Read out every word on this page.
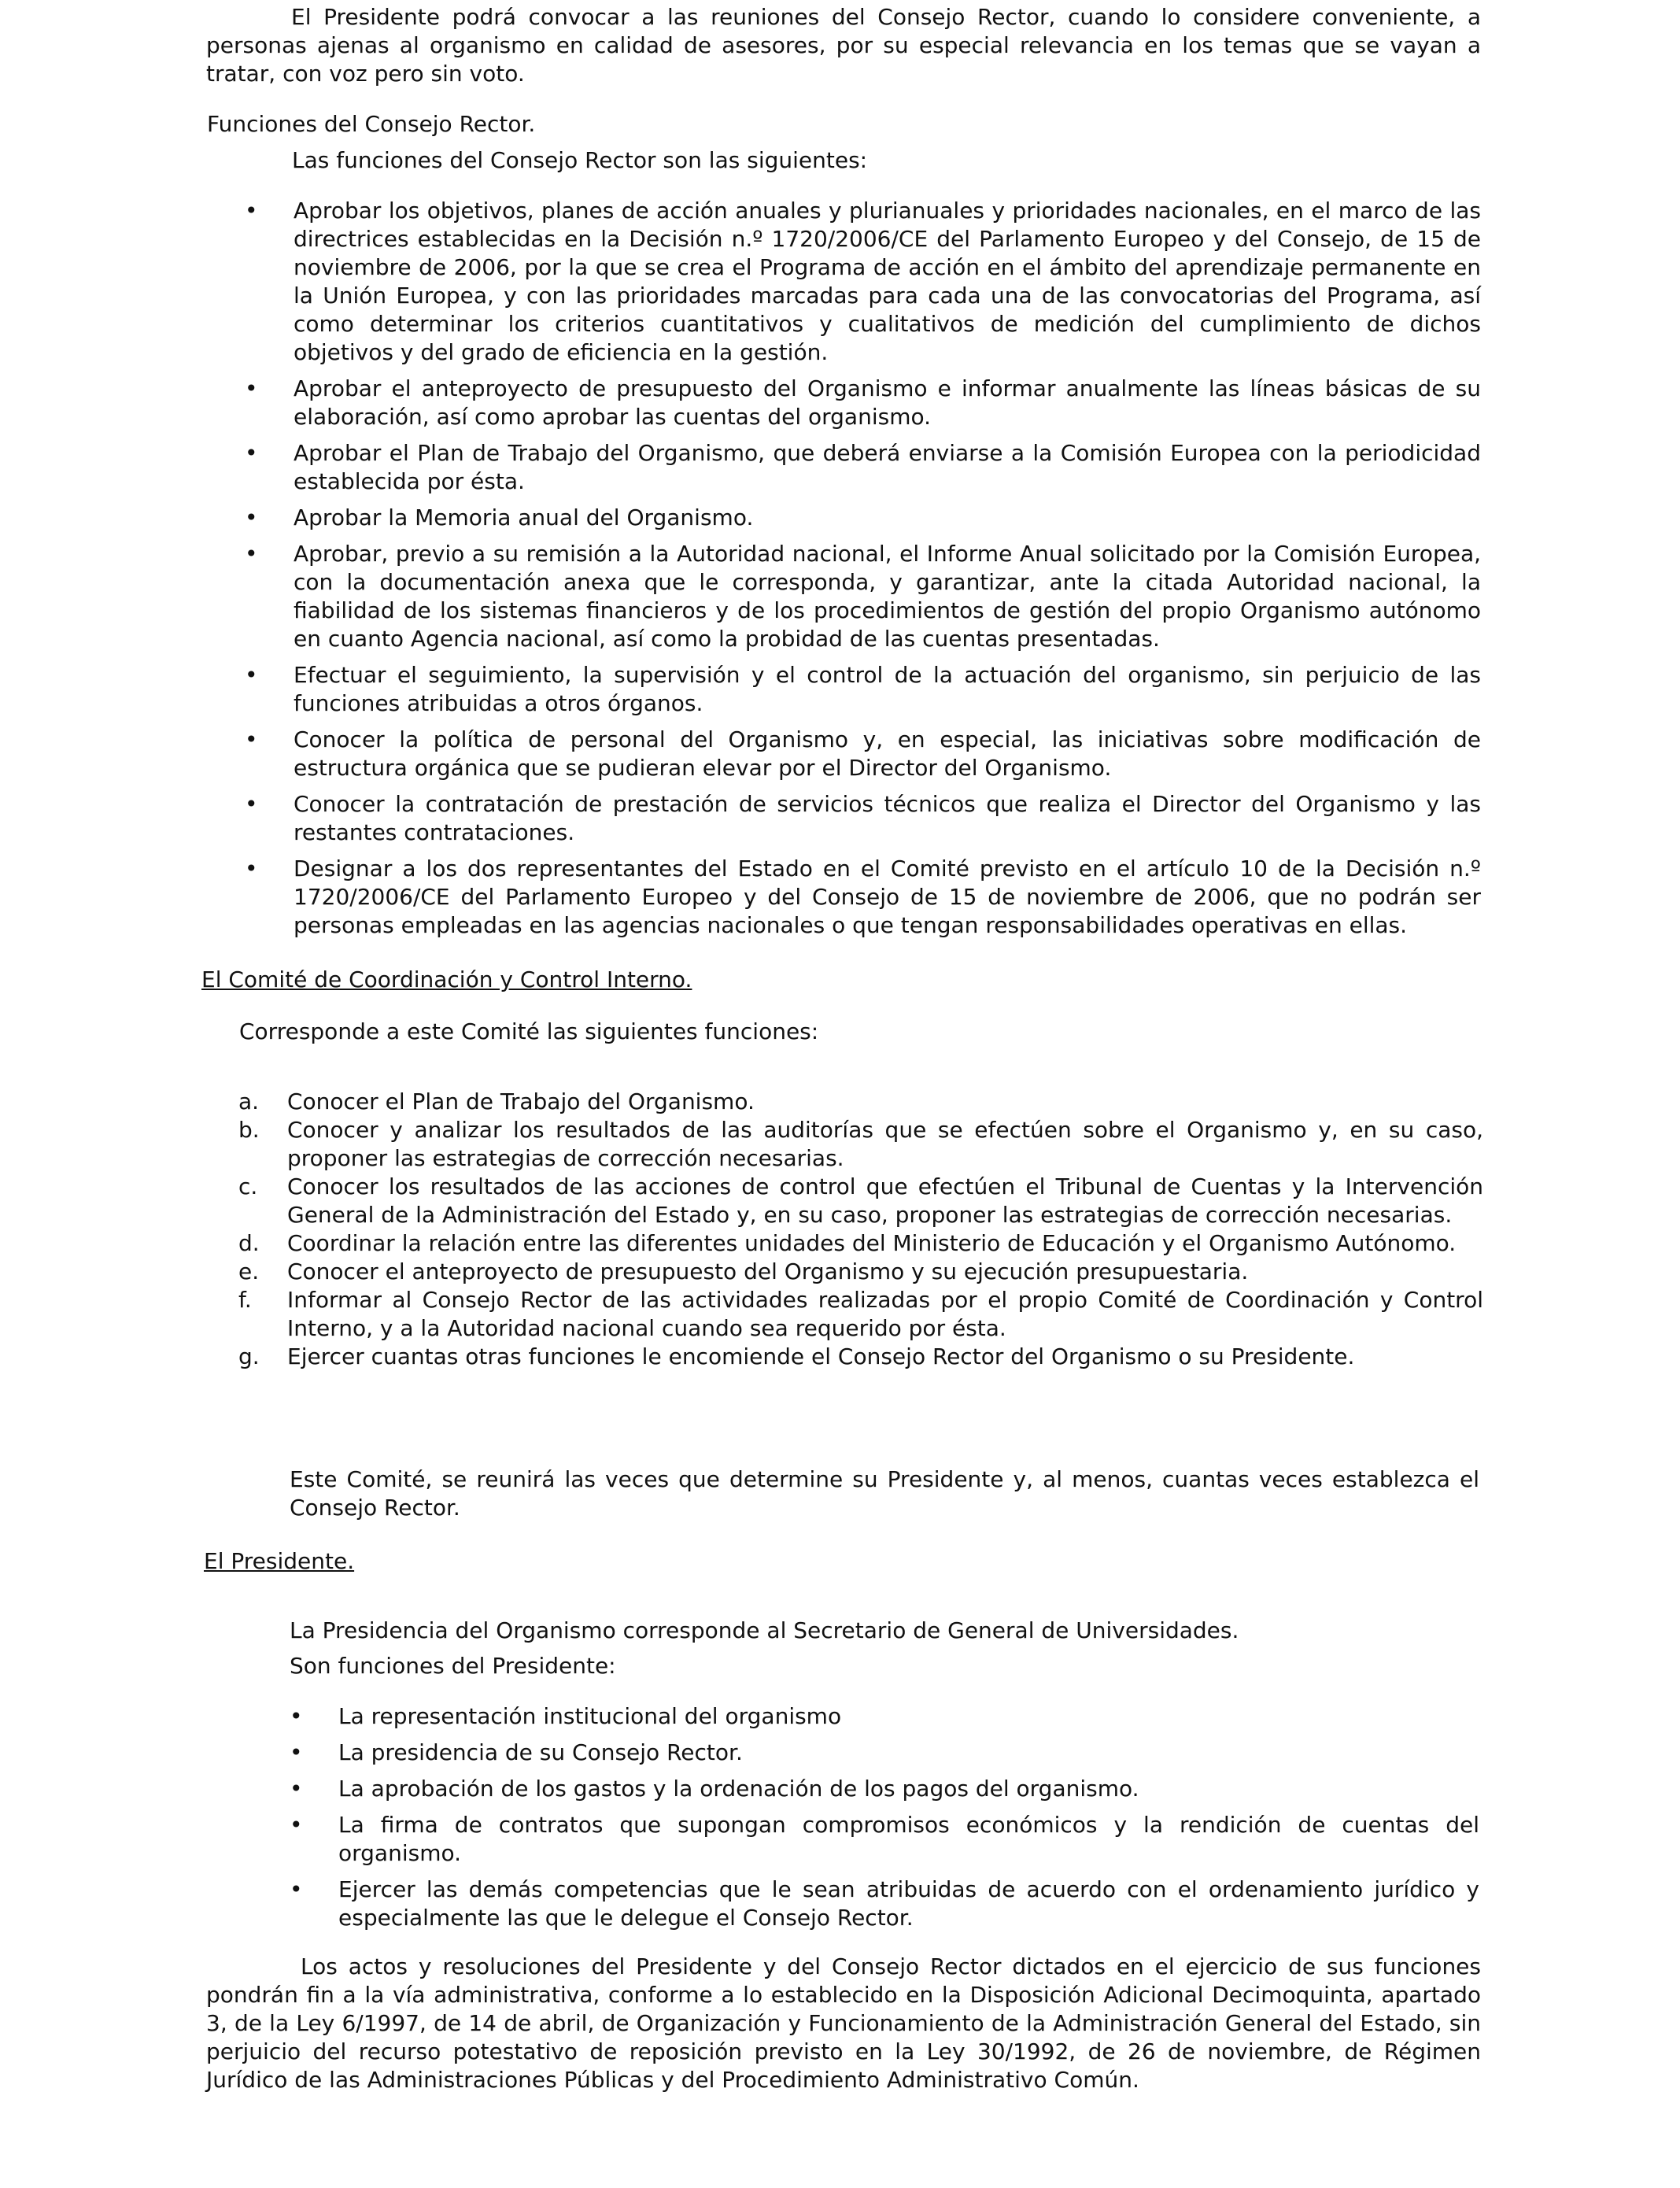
El Presidente podrá convocar a las reuniones del Consejo Rector, cuando lo considere conveniente, a personas ajenas al organismo en calidad de asesores, por su especial relevancia en los temas que se vayan a tratar, con voz pero sin voto.
Funciones del Consejo Rector.
Las funciones del Consejo Rector son las siguientes:
• Aprobar los objetivos, planes de acción anuales y plurianuales y prioridades nacionales, en el marco de las directrices establecidas en la Decisión n.º 1720/2006/CE del Parlamento Europeo y del Consejo, de 15 de noviembre de 2006, por la que se crea el Programa de acción en el ámbito del aprendizaje permanente en la Unión Europea, y con las prioridades marcadas para cada una de las convocatorias del Programa, así como determinar los criterios cuantitativos y cualitativos de medición del cumplimiento de dichos objetivos y del grado de eficiencia en la gestión.
• Aprobar el anteproyecto de presupuesto del Organismo e informar anualmente las líneas básicas de su elaboración, así como aprobar las cuentas del organismo.
• Aprobar el Plan de Trabajo del Organismo, que deberá enviarse a la Comisión Europea con la periodicidad establecida por ésta.
• Aprobar la Memoria anual del Organismo.
• Aprobar, previo a su remisión a la Autoridad nacional, el Informe Anual solicitado por la Comisión Europea, con la documentación anexa que le corresponda, y garantizar, ante la citada Autoridad nacional, la fiabilidad de los sistemas financieros y de los procedimientos de gestión del propio Organismo autónomo en cuanto Agencia nacional, así como la probidad de las cuentas presentadas.
• Efectuar el seguimiento, la supervisión y el control de la actuación del organismo, sin perjuicio de las funciones atribuidas a otros órganos.
• Conocer la política de personal del Organismo y, en especial, las iniciativas sobre modificación de estructura orgánica que se pudieran elevar por el Director del Organismo.
• Conocer la contratación de prestación de servicios técnicos que realiza el Director del Organismo y las restantes contrataciones.
• Designar a los dos representantes del Estado en el Comité previsto en el artículo 10 de la Decisión n.º 1720/2006/CE del Parlamento Europeo y del Consejo de 15 de noviembre de 2006, que no podrán ser personas empleadas en las agencias nacionales o que tengan responsabilidades operativas en ellas.
El Comité de Coordinación y Control Interno.
Corresponde a este Comité las siguientes funciones:
a. Conocer el Plan de Trabajo del Organismo.
b. Conocer y analizar los resultados de las auditorías que se efectúen sobre el Organismo y, en su caso, proponer las estrategias de corrección necesarias.
c. Conocer los resultados de las acciones de control que efectúen el Tribunal de Cuentas y la Intervención General de la Administración del Estado y, en su caso, proponer las estrategias de corrección necesarias.
d. Coordinar la relación entre las diferentes unidades del Ministerio de Educación y el Organismo Autónomo.
e. Conocer el anteproyecto de presupuesto del Organismo y su ejecución presupuestaria.
f. Informar al Consejo Rector de las actividades realizadas por el propio Comité de Coordinación y Control Interno, y a la Autoridad nacional cuando sea requerido por ésta.
g. Ejercer cuantas otras funciones le encomiende el Consejo Rector del Organismo o su Presidente.
Este Comité, se reunirá las veces que determine su Presidente y, al menos, cuantas veces establezca el Consejo Rector.
El Presidente.
La Presidencia del Organismo corresponde al Secretario de General de Universidades.
Son funciones del Presidente:
• La representación institucional del organismo
• La presidencia de su Consejo Rector.
• La aprobación de los gastos y la ordenación de los pagos del organismo.
• La firma de contratos que supongan compromisos económicos y la rendición de cuentas del organismo.
• Ejercer las demás competencias que le sean atribuidas de acuerdo con el ordenamiento jurídico y especialmente las que le delegue el Consejo Rector.
Los actos y resoluciones del Presidente y del Consejo Rector dictados en el ejercicio de sus funciones pondrán fin a la vía administrativa, conforme a lo establecido en la Disposición Adicional Decimoquinta, apartado 3, de la Ley 6/1997, de 14 de abril, de Organización y Funcionamiento de la Administración General del Estado, sin perjuicio del recurso potestativo de reposición previsto en la Ley 30/1992, de 26 de noviembre, de Régimen Jurídico de las Administraciones Públicas y del Procedimiento Administrativo Común.
